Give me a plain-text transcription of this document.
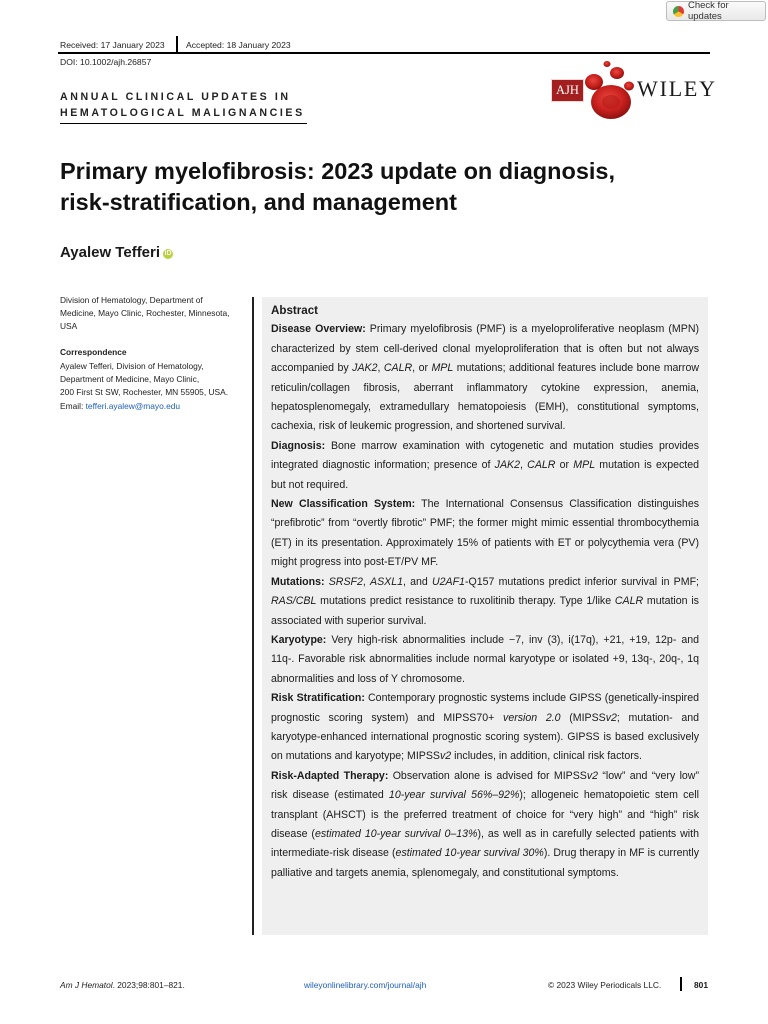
Check for updates
Received: 17 January 2023 Accepted: 18 January 2023
DOI: 10.1002/ajh.26857
ANNUAL CLINICAL UPDATES IN
HEMATOLOGICAL MALIGNANCIES
AJH	WILEY
Primary myelofibrosis: 2023 update on diagnosis,
risk-stratification, and management
Ayalew Tefferi iD
Division of Hematology, Department of Medicine, Mayo Clinic, Rochester, Minnesota, USA
Correspondence
Ayalew Tefferi, Division of Hematology,
Department of Medicine, Mayo Clinic,
200 First St SW, Rochester, MN 55905, USA.
Email: tefferi.ayalew@mayo.edu

Abstract

Disease Overview: Primary myelofibrosis (PMF) is a myeloproliferative neoplasm (MPN) characterized by stem cell-derived clonal myeloproliferation that is often but not always accompanied by JAK2, CALR, or MPL mutations; additional features include bone marrow reticulin/collagen fibrosis, aberrant inflammatory cytokine expression, anemia, hepatosplenomegaly, extramedullary hematopoiesis (EMH), constitutional symptoms, cachexia, risk of leukemic progression, and shortened survival.

Diagnosis: Bone marrow examination with cytogenetic and mutation studies provides integrated diagnostic information; presence of JAK2, CALR or MPL mutation is expected but not required.

New Classification System: The International Consensus Classification distinguishes “prefibrotic” from “overtly fibrotic” PMF; the former might mimic essential thrombocythemia (ET) in its presentation. Approximately 15% of patients with ET or polycythemia vera (PV) might progress into post-ET/PV MF.

Mutations: SRSF2, ASXL1, and U2AF1-Q157 mutations predict inferior survival in PMF; RAS/CBL mutations predict resistance to ruxolitinib therapy. Type 1/like CALR mutation is associated with superior survival.

Karyotype: Very high-risk abnormalities include −7, inv (3), i(17q), +21, +19, 12p- and 11q-. Favorable risk abnormalities include normal karyotype or isolated +9, 13q-, 20q-, 1q abnormalities and loss of Y chromosome.

Risk Stratification: Contemporary prognostic systems include GIPSS (genetically-inspired prognostic scoring system) and MIPSS70+ version 2.0 (MIPSSv2; mutation- and karyotype-enhanced international prognostic scoring system). GIPSS is based exclusively on mutations and karyotype; MIPSSv2 includes, in addition, clinical risk factors.

Risk-Adapted Therapy: Observation alone is advised for MIPSSv2 “low” and “very low” risk disease (estimated 10-year survival 56%–92%); allogeneic hematopoietic stem cell transplant (AHSCT) is the preferred treatment of choice for “very high” and “high” risk disease (estimated 10-year survival 0–13%), as well as in carefully selected patients with intermediate-risk disease (estimated 10-year survival 30%). Drug therapy in MF is currently palliative and targets anemia, splenomegaly, and constitutional symptoms.

Am J Hematol. 2023;98:801–821.	wileyonlinelibrary.com/journal/ajh	© 2023 Wiley Periodicals LLC.	801
